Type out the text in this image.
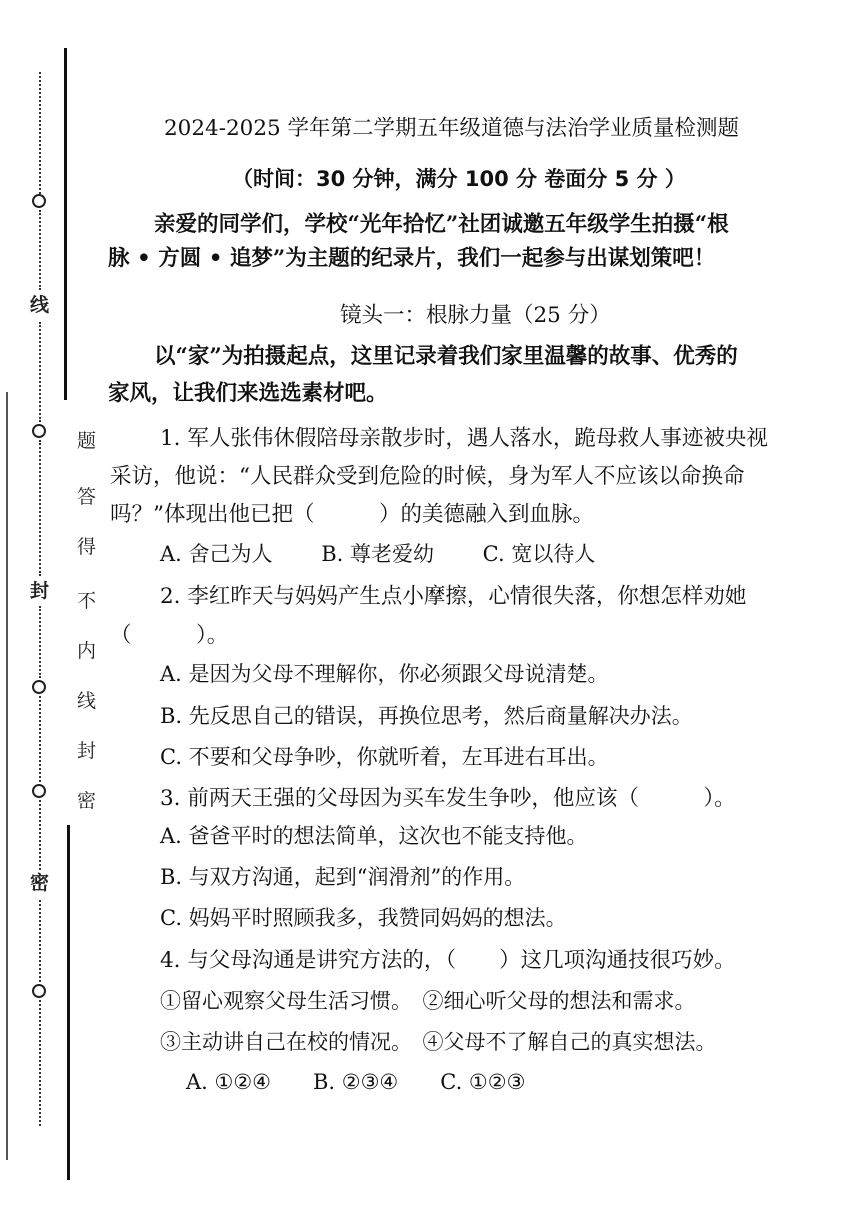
线
封
密
题
答
得
不
内
线
封
密
2024-2025 学年第二学期五年级道德与法治学业质量检测题
（时间：30 分钟，满分 100 分 卷面分 5 分 ）
亲爱的同学们，学校“光年拾忆”社团诚邀五年级学生拍摄“根
脉 • 方圆 • 追梦”为主题的纪录片，我们一起参与出谋划策吧！
镜头一：根脉力量（25 分）
以“家”为拍摄起点，这里记录着我们家里温馨的故事、优秀的
家风，让我们来选选素材吧。
1. 军人张伟休假陪母亲散步时，遇人落水，跪母救人事迹被央视
采访，他说：“人民群众受到危险的时候，身为军人不应该以命换命
吗？”体现出他已把（　　　）的美德融入到血脉。
A. 舍己为人　　 B. 尊老爱幼　　 C. 宽以待人
2. 李红昨天与妈妈产生点小摩擦，心情很失落，你想怎样劝她
（　　　）。
A. 是因为父母不理解你，你必须跟父母说清楚。
B. 先反思自己的错误，再换位思考，然后商量解决办法。
C. 不要和父母争吵，你就听着，左耳进右耳出。
3. 前两天王强的父母因为买车发生争吵，他应该（　　　）。
A. 爸爸平时的想法简单，这次也不能支持他。
B. 与双方沟通，起到“润滑剂”的作用。
C. 妈妈平时照顾我多，我赞同妈妈的想法。
4. 与父母沟通是讲究方法的，（　　）这几项沟通技很巧妙。
①留心观察父母生活习惯。　②细心听父母的想法和需求。
③主动讲自己在校的情况。　④父母不了解自己的真实想法。
A. ①②④　　B. ②③④　　C. ①②③
